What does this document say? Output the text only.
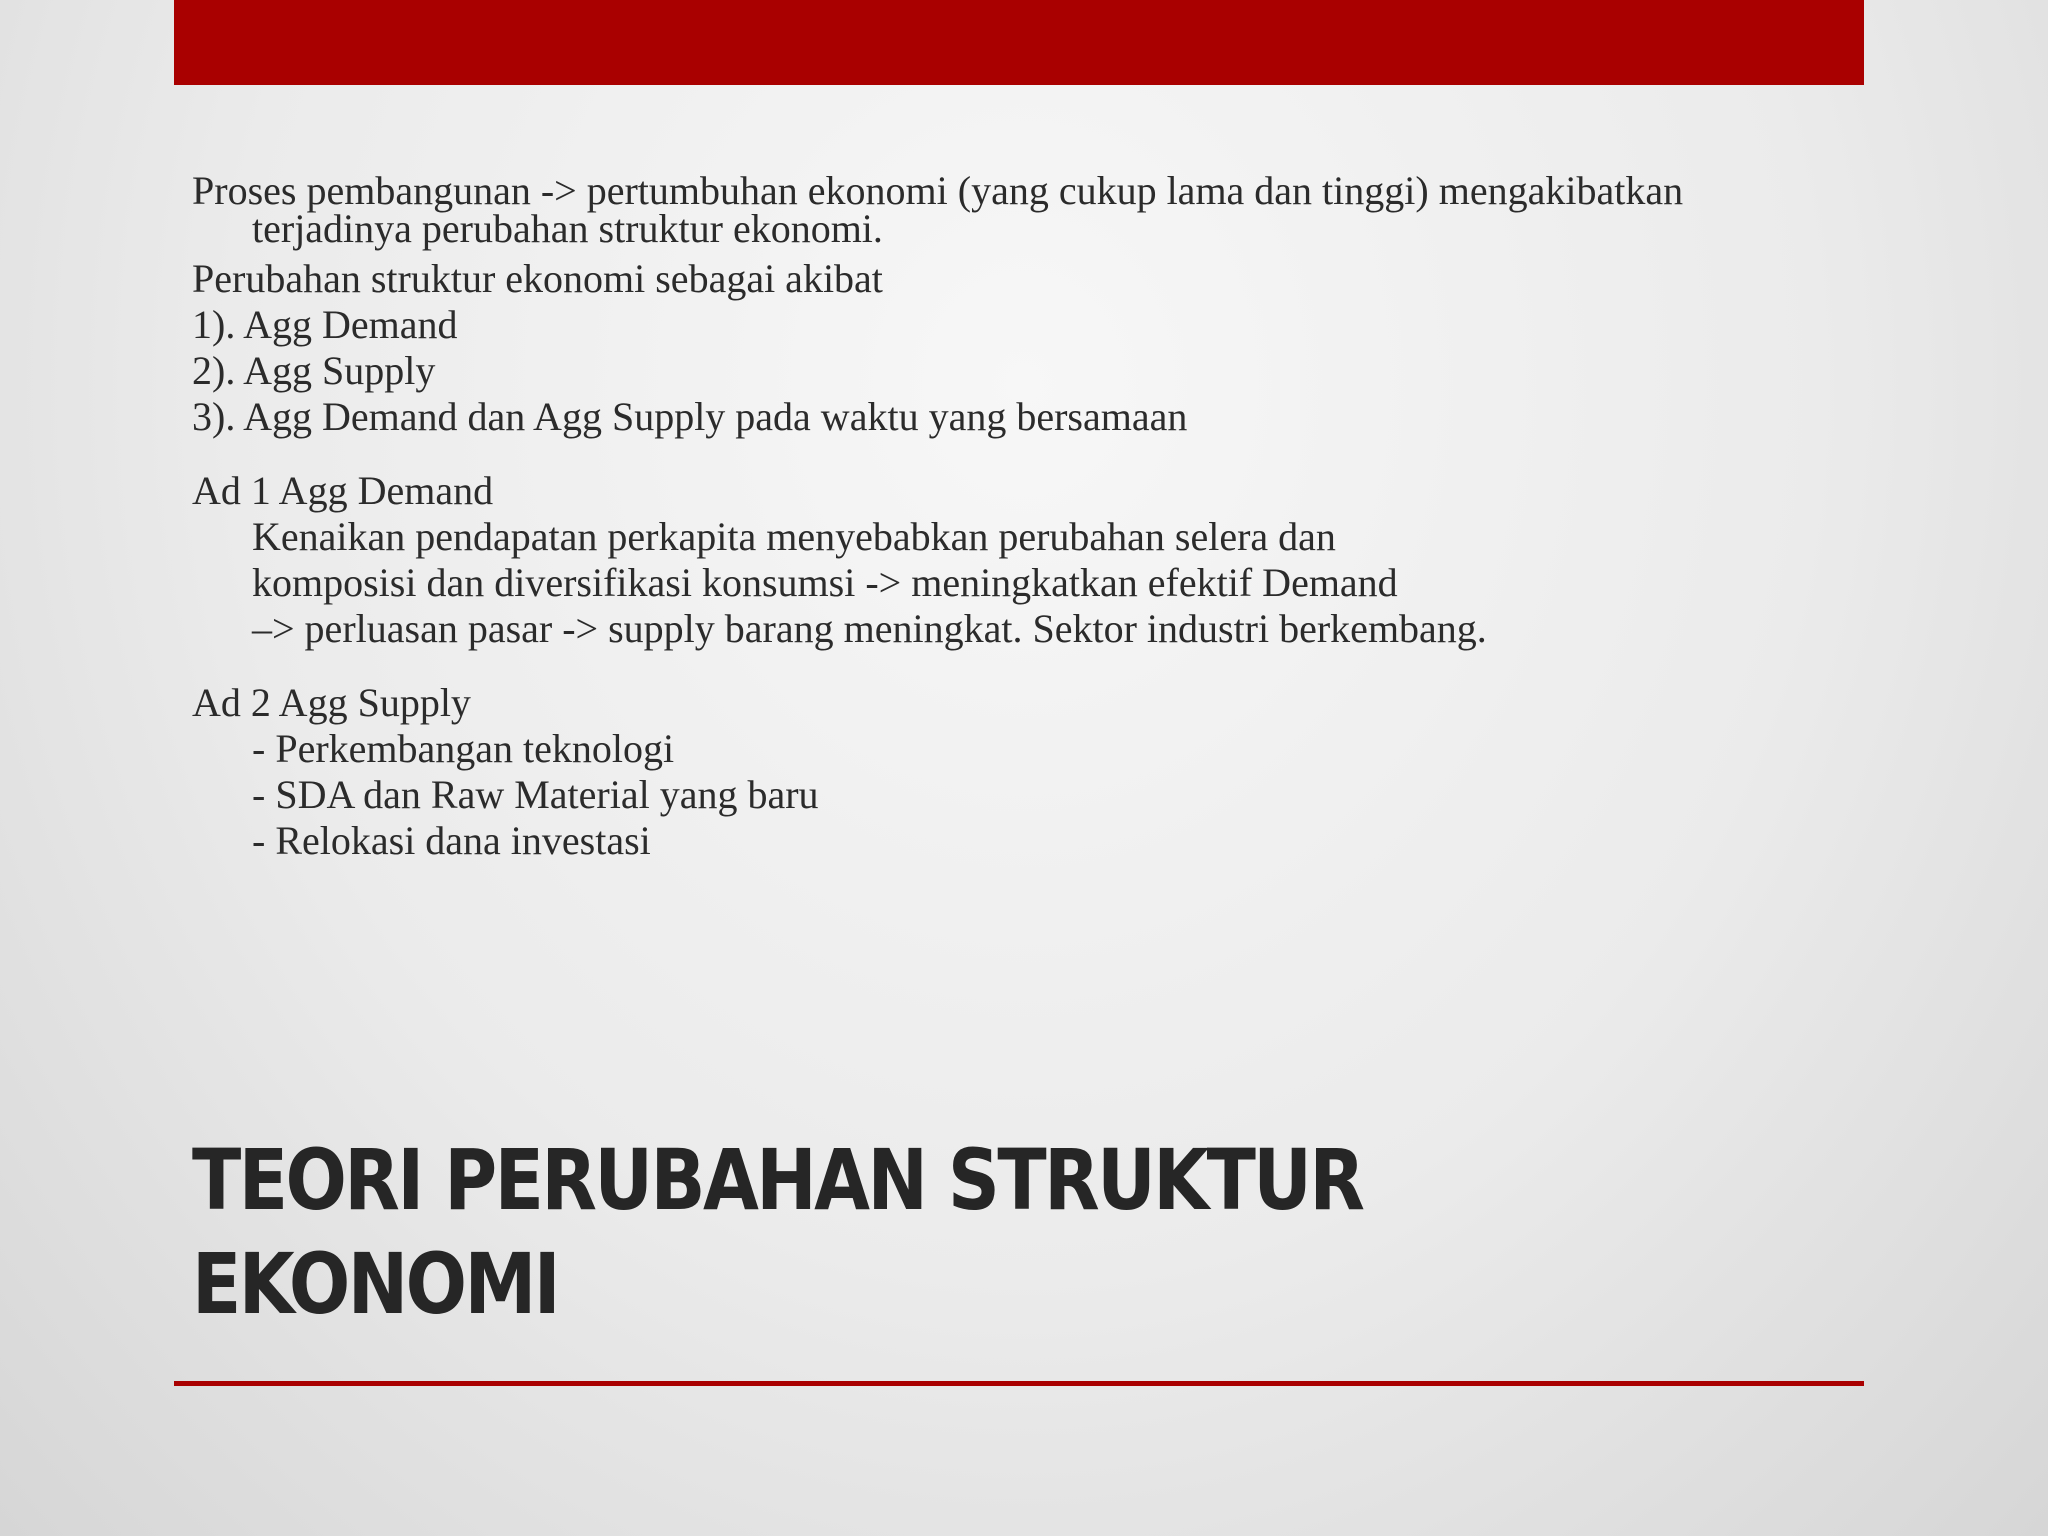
Proses pembangunan -> pertumbuhan ekonomi (yang cukup lama dan tinggi) mengakibatkan terjadinya perubahan struktur ekonomi.

Perubahan struktur ekonomi sebagai akibat

1). Agg Demand

2). Agg Supply

3). Agg Demand dan Agg Supply pada waktu yang bersamaan

Ad 1 Agg Demand

Kenaikan pendapatan perkapita menyebabkan perubahan selera dan

komposisi dan diversifikasi konsumsi -> meningkatkan efektif Demand

–> perluasan pasar -> supply barang meningkat. Sektor industri berkembang.

Ad 2 Agg Supply

- Perkembangan teknologi

- SDA dan Raw Material yang baru

- Relokasi dana investasi

TEORI PERUBAHAN STRUKTUR
EKONOMI
